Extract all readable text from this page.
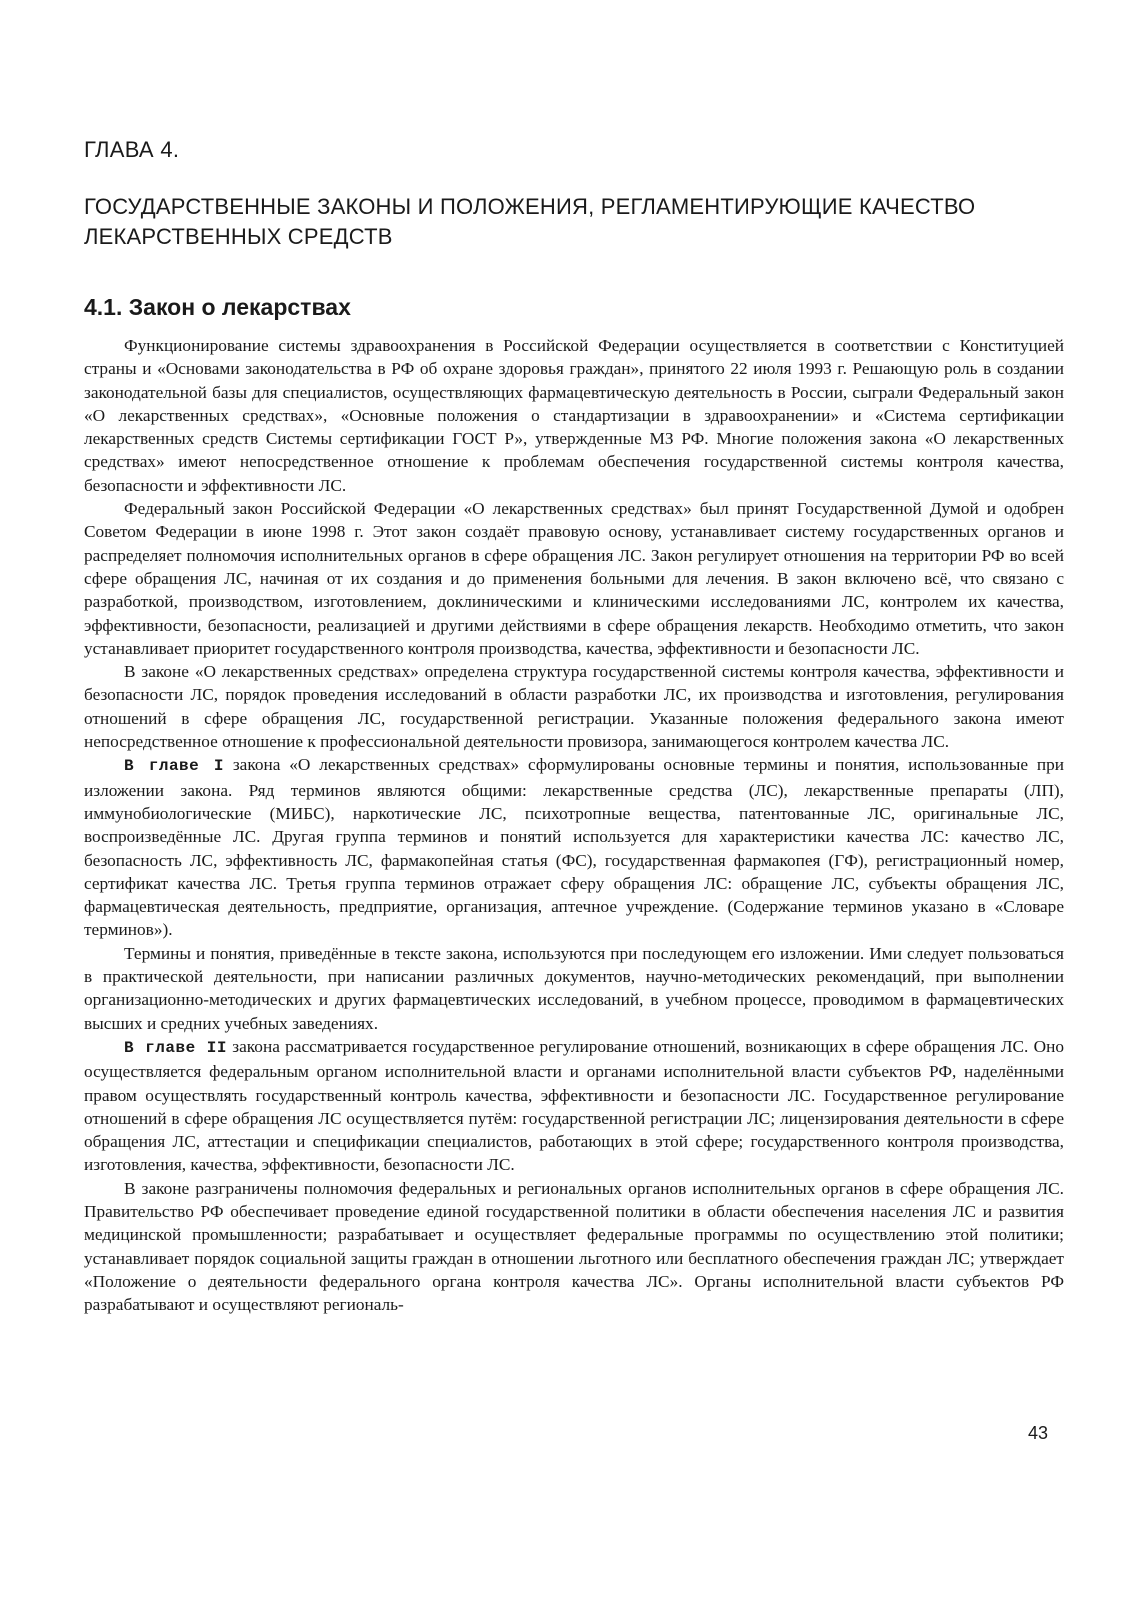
ГЛАВА 4.
ГОСУДАРСТВЕННЫЕ ЗАКОНЫ И ПОЛОЖЕНИЯ, РЕГЛАМЕНТИРУЮЩИЕ КАЧЕСТВО ЛЕКАРСТВЕННЫХ СРЕДСТВ
4.1. Закон о лекарствах

Функционирование системы здравоохранения в Российской Федерации осуществляется в соответствии с Конституцией страны и «Основами законодательства в РФ об охране здоровья граждан», принятого 22 июля 1993 г. Решающую роль в создании законодательной базы для специалистов, осуществляющих фармацевтическую деятельность в России, сыграли Федеральный закон «О лекарственных средствах», «Основные положения о стандартизации в здравоохранении» и «Система сертификации лекарственных средств Системы сертификации ГОСТ Р», утвержденные МЗ РФ. Многие положения закона «О лекарственных средствах» имеют непосредственное отношение к проблемам обеспечения государственной системы контроля качества, безопасности и эффективности ЛС.

Федеральный закон Российской Федерации «О лекарственных средствах» был принят Государственной Думой и одобрен Советом Федерации в июне 1998 г. Этот закон создаёт правовую основу, устанавливает систему государственных органов и распределяет полномочия исполнительных органов в сфере обращения ЛС. Закон регулирует отношения на территории РФ во всей сфере обращения ЛС, начиная от их создания и до применения больными для лечения. В закон включено всё, что связано с разработкой, производством, изготовлением, доклиническими и клиническими исследованиями ЛС, контролем их качества, эффективности, безопасности, реализацией и другими действиями в сфере обращения лекарств. Необходимо отметить, что закон устанавливает приоритет государственного контроля производства, качества, эффективности и безопасности ЛС.

В законе «О лекарственных средствах» определена структура государственной системы контроля качества, эффективности и безопасности ЛС, порядок проведения исследований в области разработки ЛС, их производства и изготовления, регулирования отношений в сфере обращения ЛС, государственной регистрации. Указанные положения федерального закона имеют непосредственное отношение к профессиональной деятельности провизора, занимающегося контролем качества ЛС.

В главе I закона «О лекарственных средствах» сформулированы основные термины и понятия, использованные при изложении закона. Ряд терминов являются общими: лекарственные средства (ЛС), лекарственные препараты (ЛП), иммунобиологические (МИБС), наркотические ЛС, психотропные вещества, патентованные ЛС, оригинальные ЛС, воспроизведённые ЛС. Другая группа терминов и понятий используется для характеристики качества ЛС: качество ЛС, безопасность ЛС, эффективность ЛС, фармакопейная статья (ФС), государственная фармакопея (ГФ), регистрационный номер, сертификат качества ЛС. Третья группа терминов отражает сферу обращения ЛС: обращение ЛС, субъекты обращения ЛС, фармацевтическая деятельность, предприятие, организация, аптечное учреждение. (Содержание терминов указано в «Словаре терминов»).

Термины и понятия, приведённые в тексте закона, используются при последующем его изложении. Ими следует пользоваться в практической деятельности, при написании различных документов, научно-методических рекомендаций, при выполнении организационно-методических и других фармацевтических исследований, в учебном процессе, проводимом в фармацевтических высших и средних учебных заведениях.

В главе II закона рассматривается государственное регулирование отношений, возникающих в сфере обращения ЛС. Оно осуществляется федеральным органом исполнительной власти и органами исполнительной власти субъектов РФ, наделёнными правом осуществлять государственный контроль качества, эффективности и безопасности ЛС. Государственное регулирование отношений в сфере обращения ЛС осуществляется путём: государственной регистрации ЛС; лицензирования деятельности в сфере обращения ЛС, аттестации и спецификации специалистов, работающих в этой сфере; государственного контроля производства, изготовления, качества, эффективности, безопасности ЛС.

В законе разграничены полномочия федеральных и региональных органов исполнительных органов в сфере обращения ЛС. Правительство РФ обеспечивает проведение единой государственной политики в области обеспечения населения ЛС и развития медицинской промышленности; разрабатывает и осуществляет федеральные программы по осуществлению этой политики; устанавливает порядок социальной защиты граждан в отношении льготного или бесплатного обеспечения граждан ЛС; утверждает «Положение о деятельности федерального органа контроля качества ЛС». Органы исполнительной власти субъектов РФ разрабатывают и осуществляют региональ-

43
